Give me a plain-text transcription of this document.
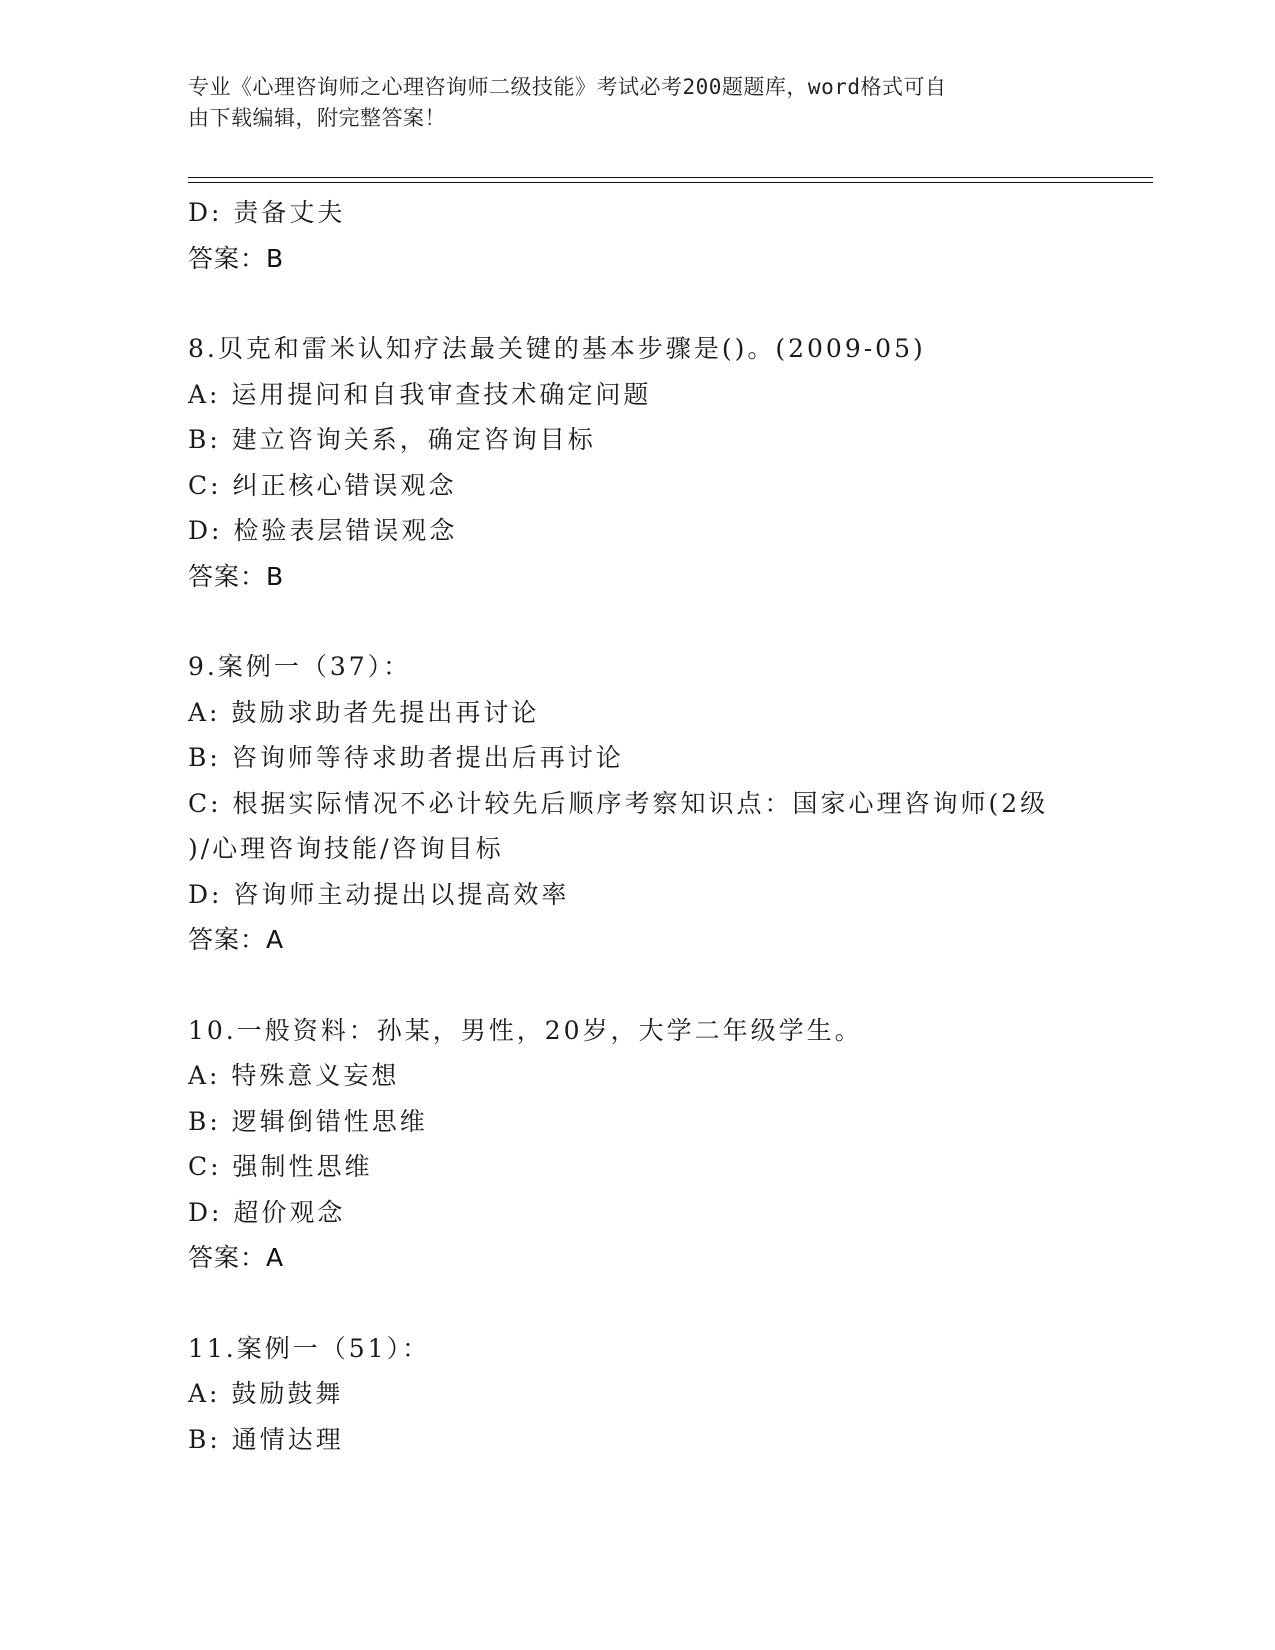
专业《心理咨询师之心理咨询师二级技能》考试必考200题题库，word格式可自
由下载编辑，附完整答案！
D: 责备丈夫
答案：B
8.贝克和雷米认知疗法最关键的基本步骤是()。(2009-05)
A: 运用提问和自我审查技术确定问题
B: 建立咨询关系，确定咨询目标
C: 纠正核心错误观念
D: 检验表层错误观念
答案：B
9.案例一（37）：
A: 鼓励求助者先提出再讨论
B: 咨询师等待求助者提出后再讨论
C: 根据实际情况不必计较先后顺序考察知识点：国家心理咨询师(2级
)/心理咨询技能/咨询目标
D: 咨询师主动提出以提高效率
答案：A
10.一般资料：孙某，男性，20岁，大学二年级学生。
A: 特殊意义妄想
B: 逻辑倒错性思维
C: 强制性思维
D: 超价观念
答案：A
11.案例一（51）：
A: 鼓励鼓舞
B: 通情达理
